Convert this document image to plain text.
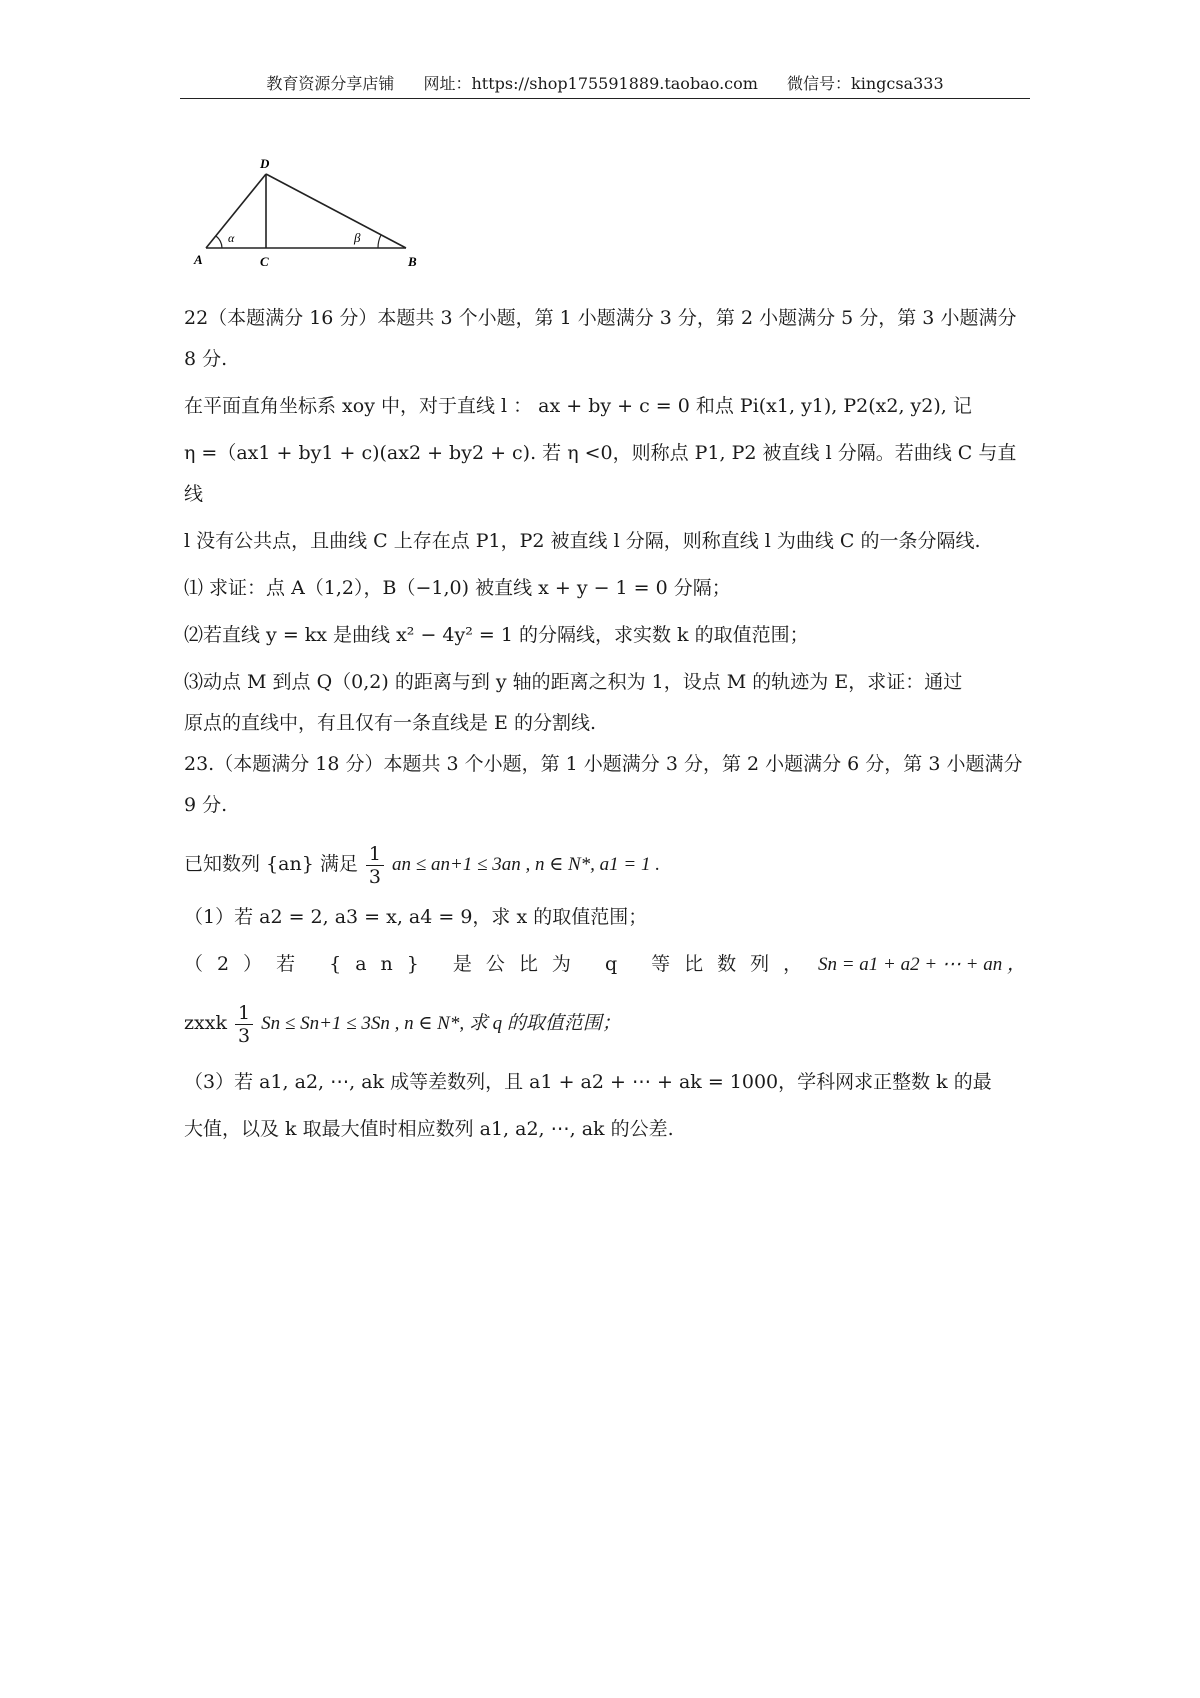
教育资源分享店铺 网址：https://shop175591889.taobao.com 微信号：kingcsa333
D
A	C	B
α	β

22（本题满分 16 分）本题共 3 个小题，第 1 小题满分 3 分，第 2 小题满分 5 分，第 3 小题满分 8 分.

在平面直角坐标系 xoy 中，对于直线 l ： ax + by + c = 0 和点 Pi(x1, y1), P2(x2, y2), 记

η =（ax1 + by1 + c)(ax2 + by2 + c). 若 η <0，则称点 P1, P2 被直线 l 分隔。若曲线 C 与直线

l 没有公共点，且曲线 C 上存在点 P1，P2 被直线 l 分隔，则称直线 l 为曲线 C 的一条分隔线.

⑴ 求证：点 A（1,2），B（−1,0) 被直线 x + y − 1 = 0 分隔；

⑵若直线 y = kx 是曲线 x² − 4y² = 1 的分隔线，求实数 k 的取值范围；

⑶动点 M 到点 Q（0,2) 的距离与到 y 轴的距离之积为 1，设点 M 的轨迹为 E，求证：通过

原点的直线中，有且仅有一条直线是 E 的分割线.

23.（本题满分 18 分）本题共 3 个小题，第 1 小题满分 3 分，第 2 小题满分 6 分，第 3 小题满分 9 分.

已知数列 {an} 满足 $\frac{1}{3}$ an ≤ an+1 ≤ 3an , n ∈ N*, a1 = 1 .

（1）若 a2 = 2, a3 = x, a4 = 9，求 x 的取值范围；

（2）若 {an} 是公比为 q 等比数列， Sn = a1 + a2 + ⋯ + an ，

zxxk $\frac{1}{3}$ Sn ≤ Sn+1 ≤ 3Sn , n ∈ N*, 求 q 的取值范围；

（3）若 a1, a2, ⋯, ak 成等差数列，且 a1 + a2 + ⋯ + ak = 1000，学科网求正整数 k 的最

大值，以及 k 取最大值时相应数列 a1, a2, ⋯, ak 的公差.
